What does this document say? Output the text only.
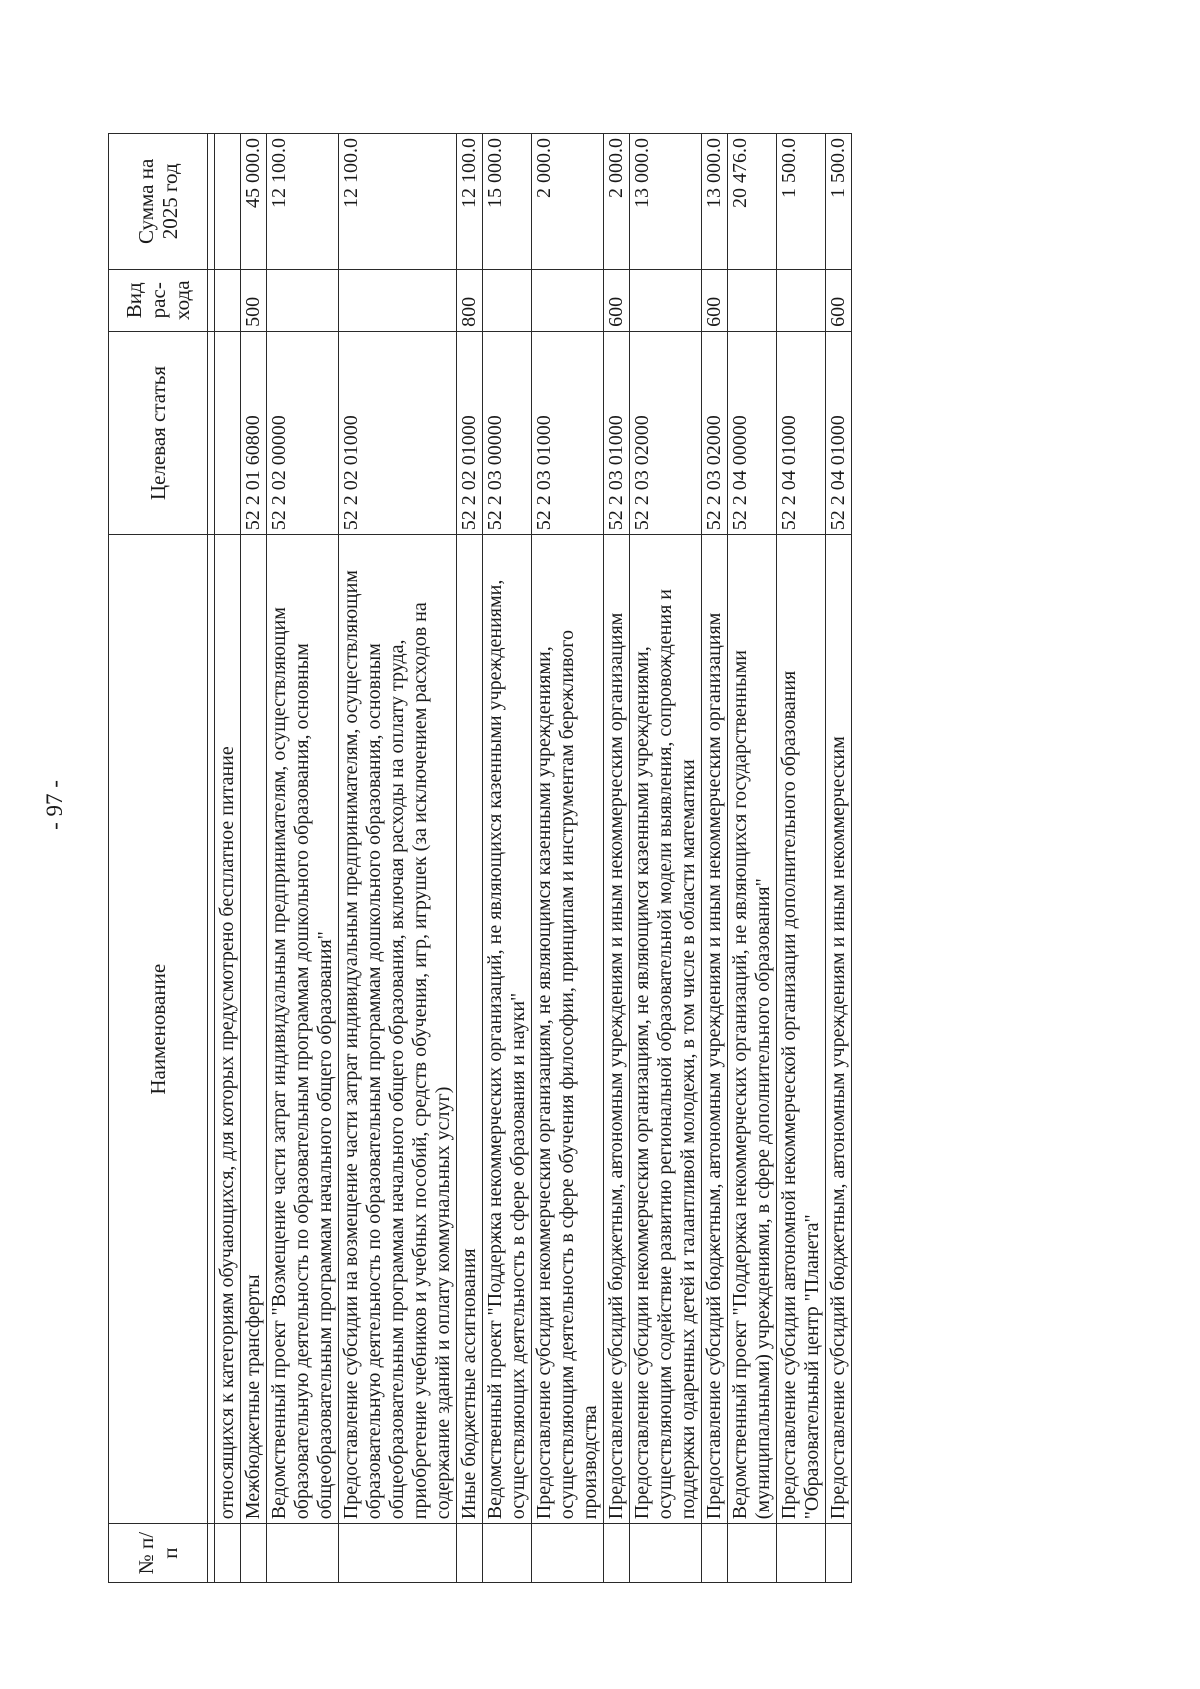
- 97 -
№ п/п	Наименование	Целевая статья	Вид рас-хода	Сумма на 2025 год

	относящихся к категориям обучающихся, для которых предусмотрено бесплатное питание			
	Межбюджетные трансферты	52 2 01 60800	500	45 000.0
	Ведомственный проект "Возмещение части затрат индивидуальным предпринимателям, осуществляющим образовательную деятельность по образовательным программам дошкольного образования, основным общеобразовательным программам начального общего образования"	52 2 02 00000		12 100.0
	Предоставление субсидии на возмещение части затрат индивидуальным предпринимателям, осуществляющим образовательную деятельность по образовательным программам дошкольного образования, основным общеобразовательным программам начального общего образования, включая расходы на оплату труда, приобретение учебников и учебных пособий, средств обучения, игр, игрушек (за исключением расходов на содержание зданий и оплату коммунальных услуг)	52 2 02 01000		12 100.0
	Иные бюджетные ассигнования	52 2 02 01000	800	12 100.0
	Ведомственный проект "Поддержка некоммерческих организаций, не являющихся казенными учреждениями, осуществляющих деятельность в сфере образования и науки"	52 2 03 00000		15 000.0
	Предоставление субсидии некоммерческим организациям, не являющимся казенными учреждениями, осуществляющим деятельность в сфере обучения философии, принципам и инструментам бережливого производства	52 2 03 01000		2 000.0
	Предоставление субсидий бюджетным, автономным учреждениям и иным некоммерческим организациям	52 2 03 01000	600	2 000.0
	Предоставление субсидии некоммерческим организациям, не являющимся казенными учреждениями, осуществляющим содействие развитию региональной образовательной модели выявления, сопровождения и поддержки одаренных детей и талантливой молодежи, в том числе в области математики	52 2 03 02000		13 000.0
	Предоставление субсидий бюджетным, автономным учреждениям и иным некоммерческим организациям	52 2 03 02000	600	13 000.0
	Ведомственный проект "Поддержка некоммерческих организаций, не являющихся государственными (муниципальными) учреждениями, в сфере дополнительного образования"	52 2 04 00000		20 476.0
	Предоставление субсидии автономной некоммерческой организации дополнительного образования "Образовательный центр "Планета"	52 2 04 01000		1 500.0
	Предоставление субсидий бюджетным, автономным учреждениям и иным некоммерческим	52 2 04 01000	600	1 500.0
